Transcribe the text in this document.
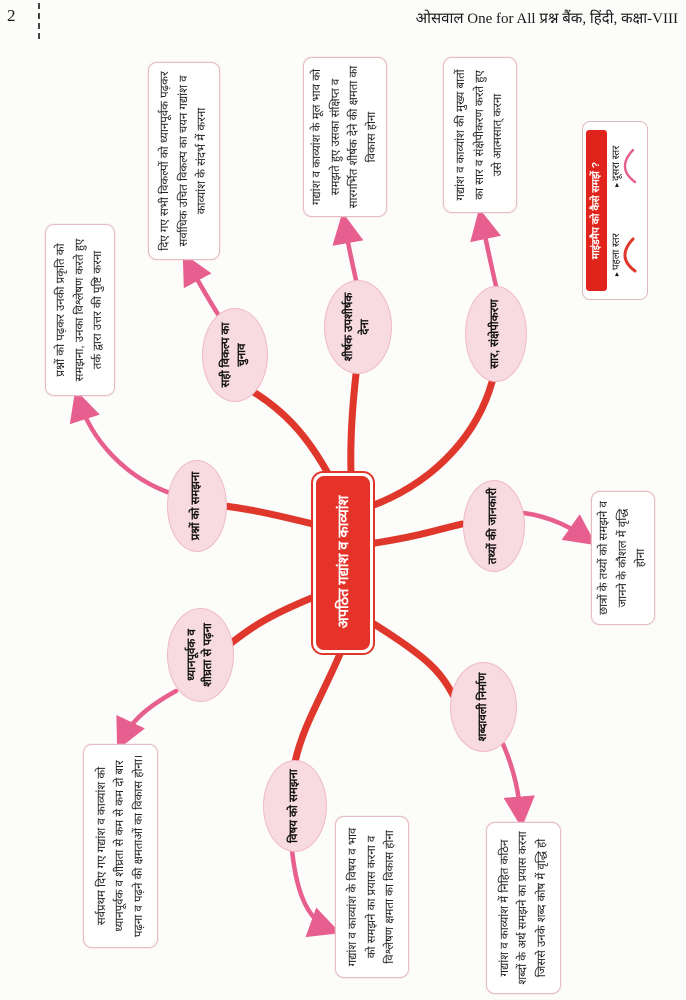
2	ओसवाल One for All प्रश्न बैंक, हिंदी, कक्षा-VIII
माइंडमैप को कैसे समझें ?
▸पहला स्तर
▸दूसरा स्तर
अपठित गद्यांश व काव्यांश
सही विकल्प का चुनाव	शीर्षक उपशीर्षक देना	सार, संक्षेपीकरण
प्रश्नों को समझना	तथ्यों की जानकारी
ध्यानपूर्वक व शीघ्रता से पढ़ना
विषय को समझना
शब्दावली निर्माण
दिए गए सभी विकल्पों को ध्यानपूर्वक पढ़कर सर्वाधिक उचित विकल्प का चयन गद्यांश व काव्यांश के संदर्भ में करना	गद्यांश व काव्यांश के मूल भाव को समझते हुए उसका संक्षिप्त व सारगर्भित शीर्षक देने की क्षमता का विकास होना	गद्यांश व काव्यांश की मुख्य बातों का सार व संक्षेपीकरण करते हुए उसे आत्मसात् करना
प्रश्नों को पढ़कर उनकी प्रकृति को समझना, उनका विश्लेषण करते हुए तर्क द्वारा उत्तर की पुष्टि करना
छात्रों के तथ्यों को समझने व जानने के कौशल में वृद्धि होना
सर्वप्रथम दिए गए गद्यांश व काव्यांश को ध्यानपूर्वक व शीघ्रता से कम से कम दो बार पढ़ना व पढ़ने की क्षमताओं का विकास होना।	गद्यांश व काव्यांश के विषय व भाव को समझने का प्रयास करना व विश्लेषण क्षमता का विकास होना	गद्यांश व काव्यांश में निहित कठिन शब्दों के अर्थ समझने का प्रयास करना जिससे उनके शब्द कोष में वृद्धि हो
